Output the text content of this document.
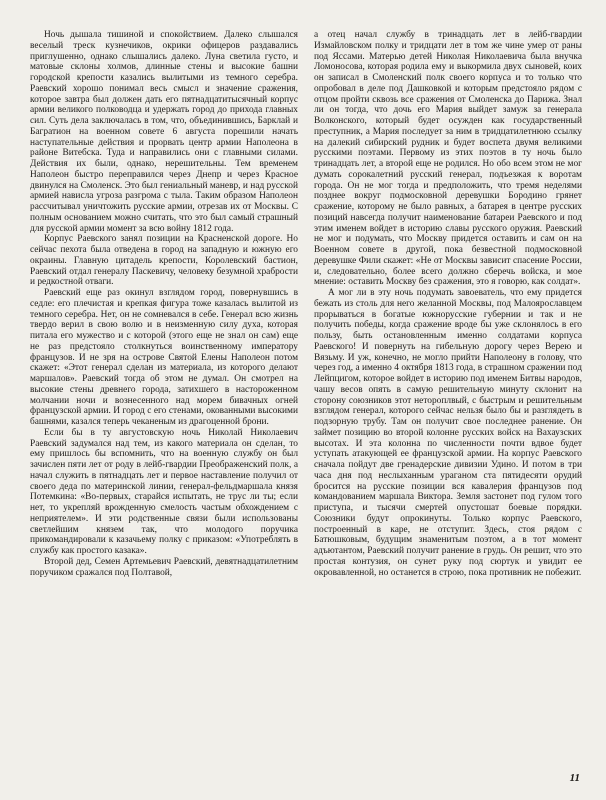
Ночь дышала тишиной и спокойствием. Далеко слышался веселый треск кузнечиков, окрики офицеров раздавались приглушенно, однако слышались далеко. Луна светила густо, и матовые склоны холмов, длинные стены и высокие башни городской крепости казались вылитыми из темного серебра. Раевский хорошо понимал весь смысл и значение сражения, которое завтра был должен дать его пятнадцатитысячный корпус армии великого полководца и удержать город до прихода главных сил. Суть дела заключалась в том, что, объединившись, Барклай и Багратион на военном совете 6 августа порешили начать наступательные действия и прорвать центр армии Наполеона в районе Витебска. Туда и направились они с главными силами. Действия их были, однако, нерешительны. Тем временем Наполеон быстро переправился через Днепр и через Красное двинулся на Смоленск. Это был гениальный маневр, и над русской армией нависла угроза разгрома с тыла. Таким образом Наполеон рассчитывал уничтожить русские армии, отрезав их от Москвы. С полным основанием можно считать, что это был самый страшный для русской армии момент за всю войну 1812 года.

Корпус Раевского занял позиции на Красненской дороге. Но сейчас пехота была отведена в город на западную и южную его окраины. Главную цитадель крепости, Королевский бастион, Раевский отдал генералу Паскевичу, человеку безумной храбрости и редкостной отваги.

Раевский еще раз окинул взглядом город, повернувшись в седле: его плечистая и крепкая фигура тоже казалась вылитой из темного серебра. Нет, он не сомневался в себе. Генерал всю жизнь твердо верил в свою волю и в неизменную силу духа, которая питала его мужество и с которой (этого еще не знал он сам) еще не раз предстояло столкнуться воинственному императору французов. И не зря на острове Святой Елены Наполеон потом скажет: «Этот генерал сделан из материала, из которого делают маршалов». Раевский тогда об этом не думал. Он смотрел на высокие стены древнего города, затихшего в настороженном молчании ночи и вознесенного над морем бивачных огней французской армии. И город с его стенами, окованными высокими башнями, казался теперь чеканеным из драгоценной брони.

Если бы в ту августовскую ночь Николай Николаевич Раевский задумался над тем, из какого материала он сделан, то ему пришлось бы вспомнить, что на военную службу он был зачислен пяти лет от роду в лейб-гвардии Преображенский полк, а начал служить в пятнадцать лет и первое наставление получил от своего деда по материнской линии, генерал-фельдмаршала князя Потемкина: «Во-первых, старайся испытать, не трус ли ты; если нет, то укрепляй врожденную смелость частым обхождением с неприятелем». И эти родственные связи были использованы светлейшим князем так, что молодого поручика прикомандировали к казачьему полку с приказом: «Употреблять в службу как простого казака».

Второй дед, Семен Артемьевич Раевский, девятнадцатилетним поручиком сражался под Полтавой,

а отец начал службу в тринадцать лет в лейб-гвардии Измайловском полку и тридцати лет в том же чине умер от раны под Яссами. Матерью детей Николая Николаевича была внучка Ломоносова, которая родила ему и выкормила двух сыновей, коих он записал в Смоленский полк своего корпуса и то только что опробовал в деле под Дашковкой и которым предстояло рядом с отцом пройти сквозь все сражения от Смоленска до Парижа. Знал ли он тогда, что дочь его Мария выйдет замуж за генерала Волконского, который будет осужден как государственный преступник, а Мария последует за ним в тридцатилетнюю ссылку на далекий сибирский рудник и будет воспета двумя великими русскими поэтами. Первому из этих поэтов в ту ночь было тринадцать лет, а второй еще не родился. Но обо всем этом не мог думать сорокалетний русский генерал, подъезжая к воротам города. Он не мог тогда и предположить, что тремя неделями позднее вокруг подмосковной деревушки Бородино грянет сражение, которому не было равных, а батарея в центре русских позиций навсегда получит наименование батареи Раевского и под этим именем войдет в историю славы русского оружия. Раевский не мог и подумать, что Москву придется оставить и сам он на Военном совете в другой, пока безвестной подмосковной деревушке Фили скажет: «Не от Москвы зависит спасение России, и, следовательно, более всего должно сберечь войска, и мое мнение: оставить Москву без сражения, это я говорю, как солдат».

А мог ли в эту ночь подумать завоеватель, что ему придется бежать из столь для него желанной Москвы, под Малоярославцем прорываться в богатые южнорусские губернии и так и не получить победы, когда сражение вроде бы уже склонялось в его пользу, быть остановленным именно солдатами корпуса Раевского! И повернуть на гибельную дорогу через Верею и Вязьму. И уж, конечно, не могло прийти Наполеону в голову, что через год, а именно 4 октября 1813 года, в страшном сражении под Лейпцигом, которое войдет в историю под именем Битвы народов, чашу весов опять в самую решительную минуту склонит на сторону союзников этот нетороплвый, с быстрым и решительным взглядом генерал, которого сейчас нельзя было бы и разглядеть в подзорную трубу. Там он получит свое последнее ранение. Он займет позицию во второй колонне русских войск на Вахаузских высотах. И эта колонна по численности почти вдвое будет уступать атакующей ее французской армии. На корпус Раевского сначала пойдут две гренадерские дивизии Удино. И потом в три часа дня под неслыханным ураганом ста пятидесяти орудий бросится на русские позиции вся кавалерия французов под командованием маршала Виктора. Земля застонет под гулом того приступа, и тысячи смертей опустошат боевые порядки. Союзники будут опрокинуты. Только корпус Раевского, построенный в каре, не отступит. Здесь, стоя рядом с Батюшковым, будущим знаменитым поэтом, а в тот момент адъютантом, Раевский получит ранение в грудь. Он решит, что это простая контузия, он сунет руку под сюртук и увидит ее окровавленной, но останется в строю, пока противник не побежит.

11
